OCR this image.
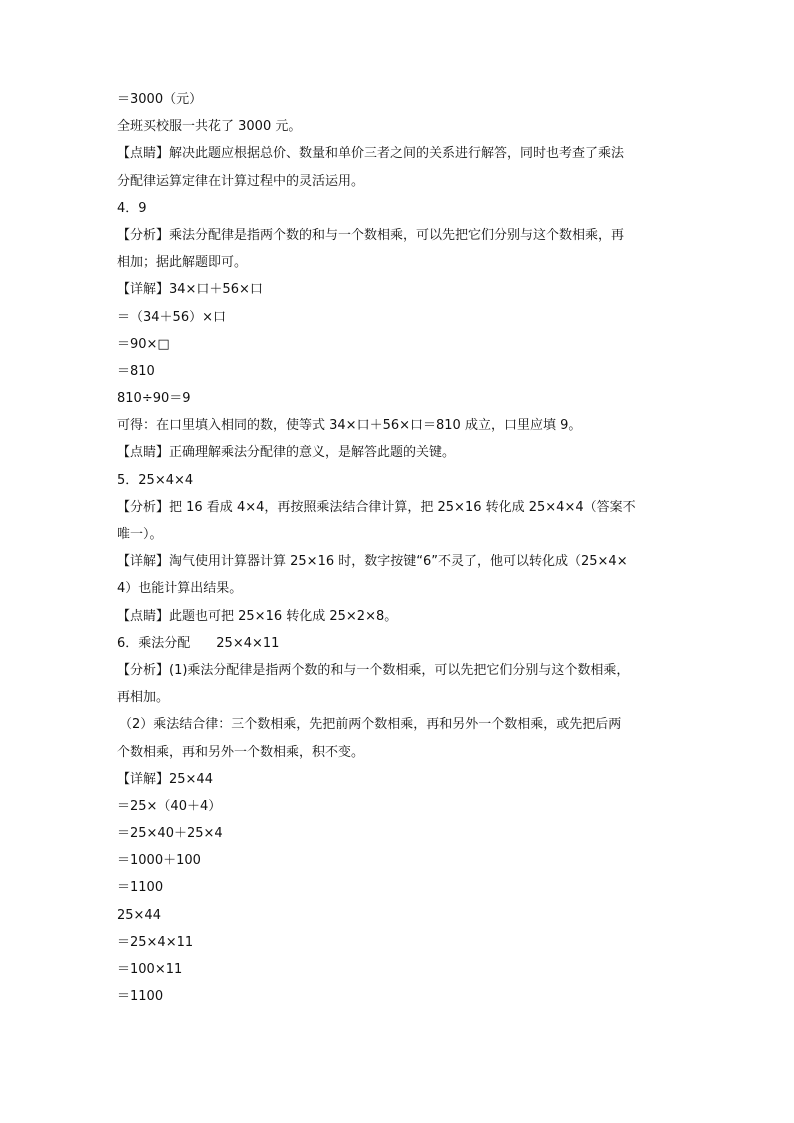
＝3000（元）
全班买校服一共花了 3000 元。
【点睛】解决此题应根据总价、数量和单价三者之间的关系进行解答，同时也考查了乘法
分配律运算定律在计算过程中的灵活运用。
4．9
【分析】乘法分配律是指两个数的和与一个数相乘，可以先把它们分别与这个数相乘，再
相加；据此解题即可。
【详解】34×口＋56×口
＝（34＋56）×口
＝90×□
＝810
810÷90＝9
可得：在口里填入相同的数，使等式 34×口＋56×口＝810 成立，口里应填 9。
【点睛】正确理解乘法分配律的意义，是解答此题的关键。
5．25×4×4
【分析】把 16 看成 4×4，再按照乘法结合律计算，把 25×16 转化成 25×4×4（答案不
唯一）。
【详解】淘气使用计算器计算 25×16 时，数字按键“6”不灵了，他可以转化成（25×4×
4）也能计算出结果。
【点睛】此题也可把 25×16 转化成 25×2×8。
6．乘法分配　　25×4×11
【分析】(1)乘法分配律是指两个数的和与一个数相乘，可以先把它们分别与这个数相乘，
再相加。
（2）乘法结合律：三个数相乘，先把前两个数相乘，再和另外一个数相乘，或先把后两
个数相乘，再和另外一个数相乘，积不变。
【详解】25×44
＝25×（40＋4）
＝25×40＋25×4
＝1000＋100
＝1100
25×44
＝25×4×11
＝100×11
＝1100
